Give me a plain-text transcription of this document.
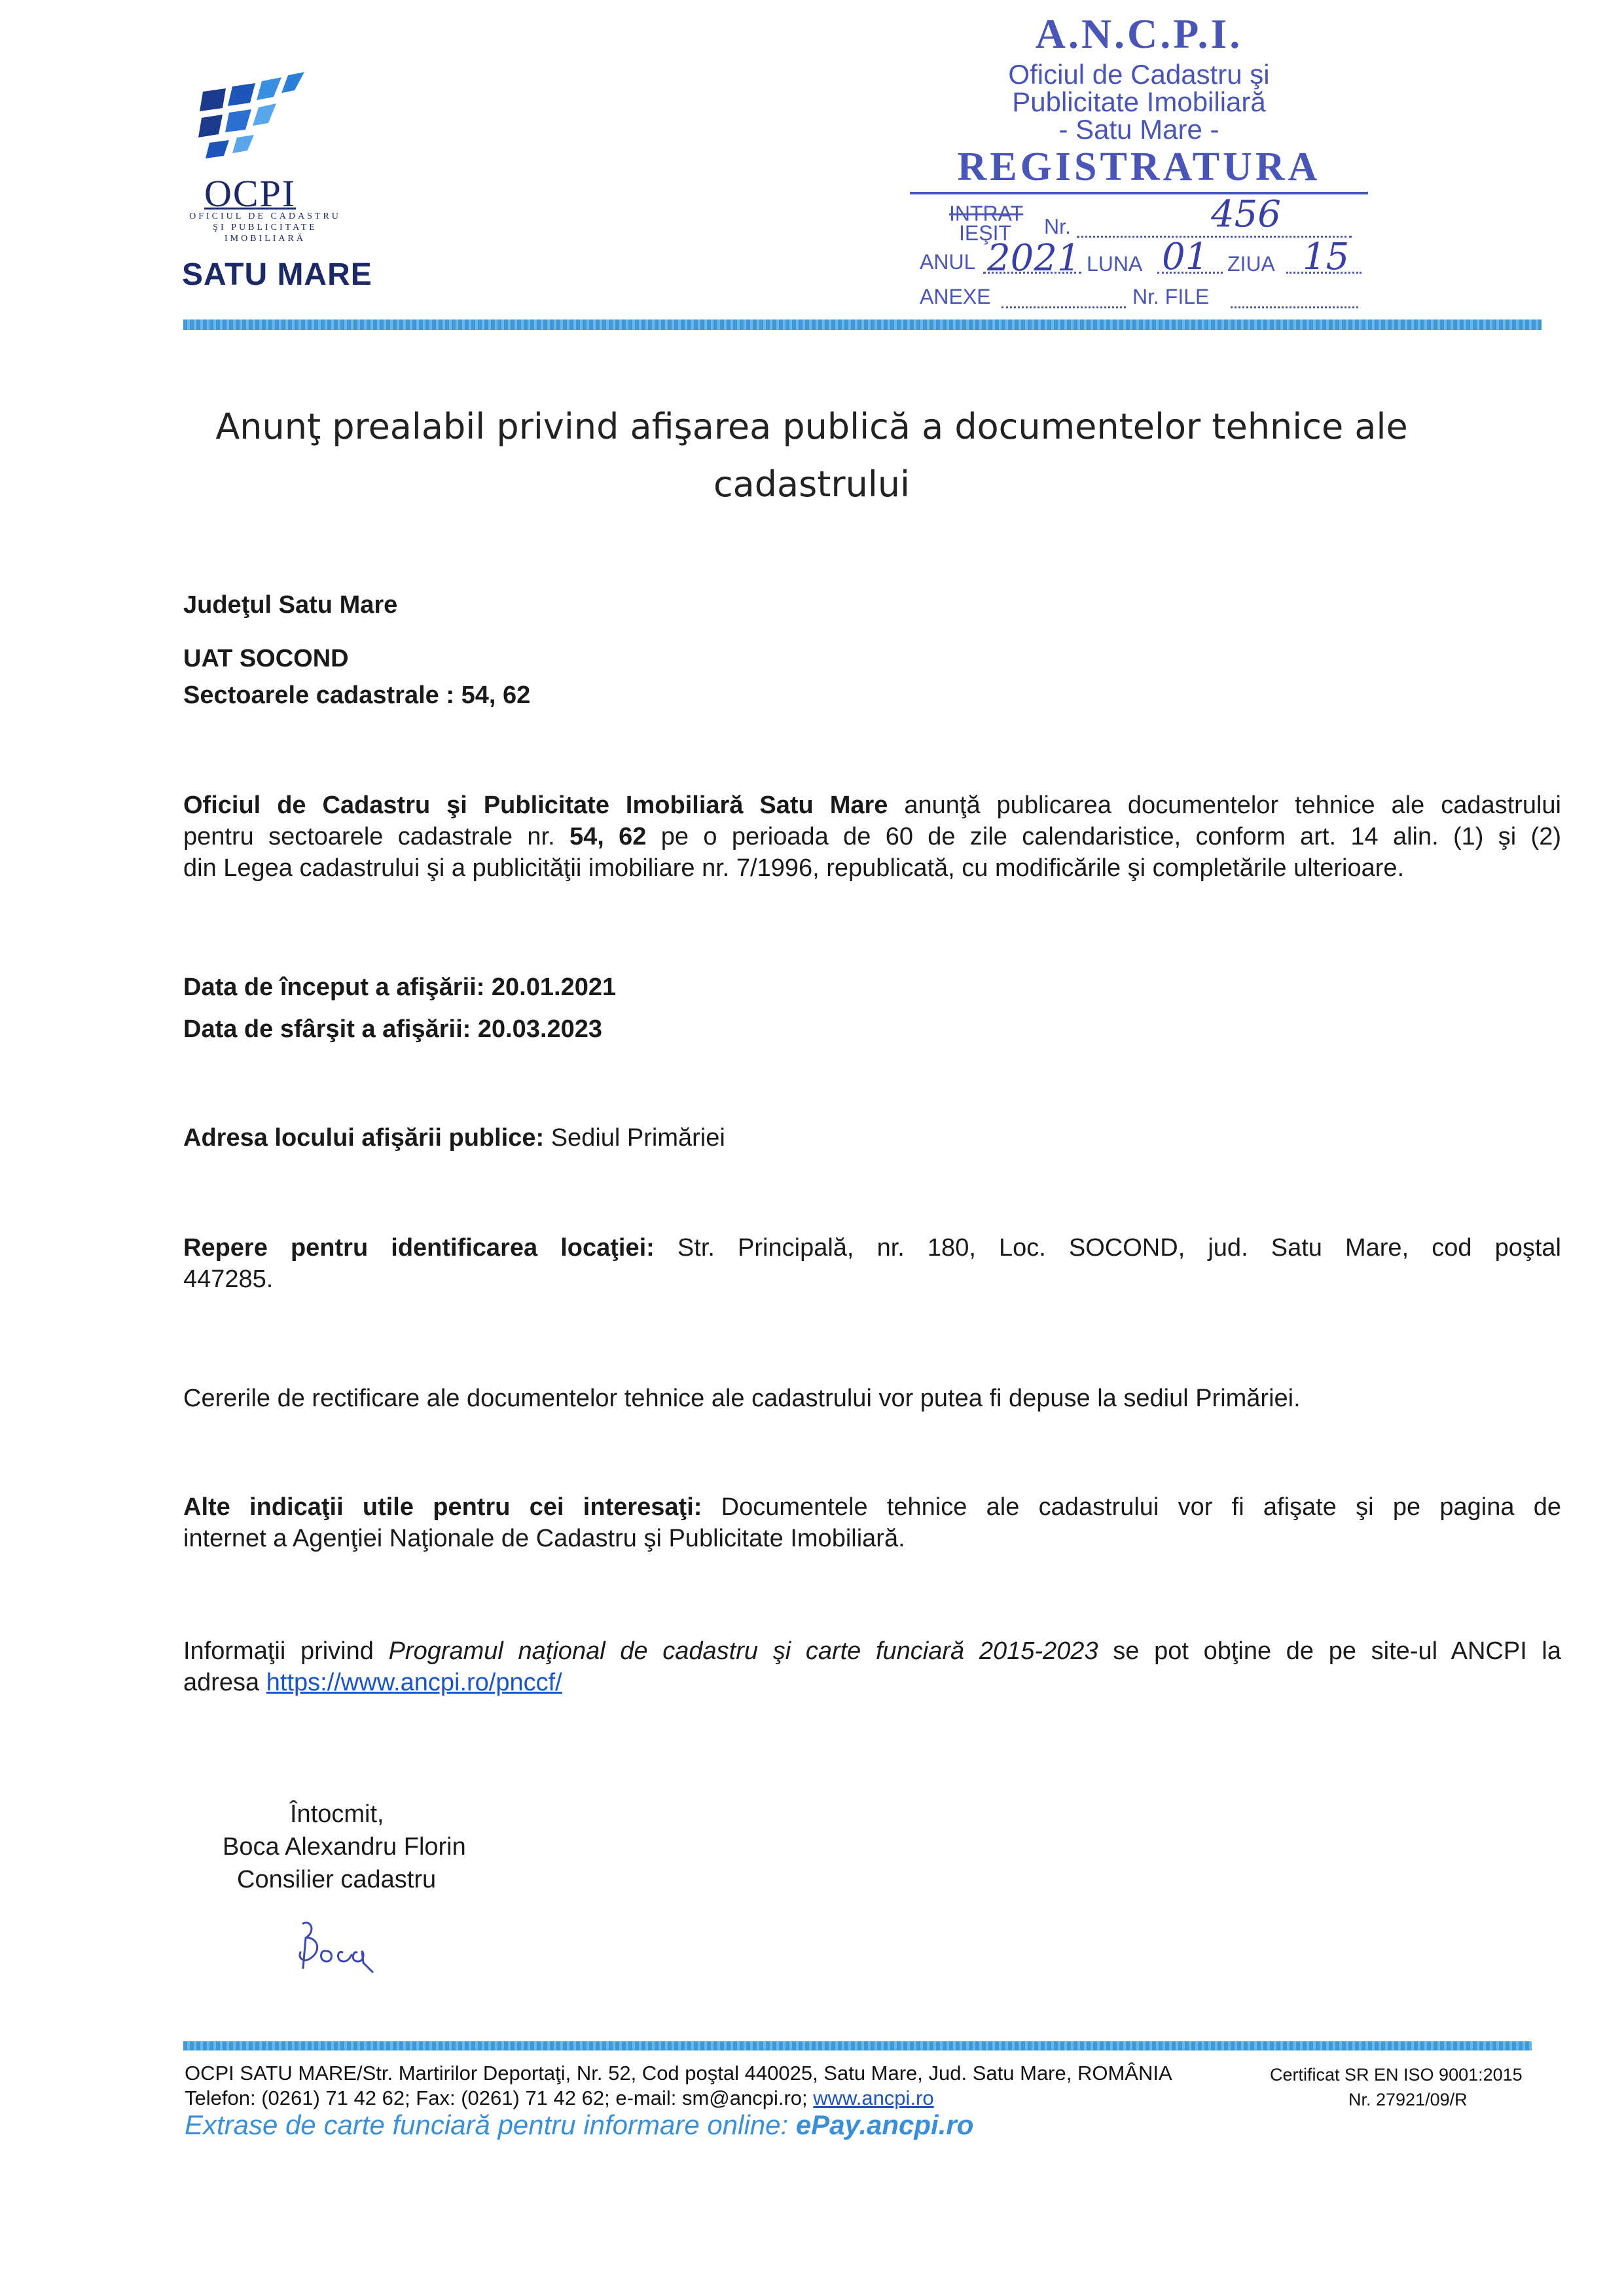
OCPI
OFICIUL DE CADASTRU
ŞI PUBLICITATE
IMOBILIARĂ
SATU MARE
A.N.C.P.I.
Oficiul de Cadastru şi
Publicitate Imobiliară
- Satu Mare -
REGISTRATURA
INTRAT
IEŞIT Nr.	456
ANUL 2021 LUNA 01 ZIUA 15
ANEXE	Nr. FILE
Anunţ prealabil privind afişarea publică a documentelor tehnice ale cadastrului
Judeţul Satu Mare
UAT SOCOND
Sectoarele cadastrale : 54, 62
Oficiul de Cadastru şi Publicitate Imobiliară Satu Mare anunţă publicarea documentelor tehnice ale cadastrului
pentru sectoarele cadastrale nr. 54, 62 pe o perioada de 60 de zile calendaristice, conform art. 14 alin. (1) şi (2)
din Legea cadastrului şi a publicităţii imobiliare nr. 7/1996, republicată, cu modificările şi completările ulterioare.
Data de început a afişării: 20.01.2021
Data de sfârşit a afişării: 20.03.2023
Adresa locului afişării publice: Sediul Primăriei
Repere pentru identificarea locaţiei: Str. Principală, nr. 180, Loc. SOCOND, jud. Satu Mare, cod poştal
447285.
Cererile de rectificare ale documentelor tehnice ale cadastrului vor putea fi depuse la sediul Primăriei.
Alte indicaţii utile pentru cei interesaţi: Documentele tehnice ale cadastrului vor fi afişate şi pe pagina de
internet a Agenţiei Naţionale de Cadastru şi Publicitate Imobiliară.
Informaţii privind Programul naţional de cadastru şi carte funciară 2015-2023 se pot obţine de pe site-ul ANCPI la
adresa https://www.ancpi.ro/pnccf/
Întocmit,
Boca Alexandru Florin
Consilier cadastru
OCPI SATU MARE/Str. Martirilor Deportaţi, Nr. 52, Cod poştal 440025, Satu Mare, Jud. Satu Mare, ROMÂNIA
Telefon: (0261) 71 42 62; Fax: (0261) 71 42 62; e-mail: sm@ancpi.ro; www.ancpi.ro
Certificat SR EN ISO 9001:2015
Nr. 27921/09/R
Extrase de carte funciară pentru informare online: ePay.ancpi.ro
